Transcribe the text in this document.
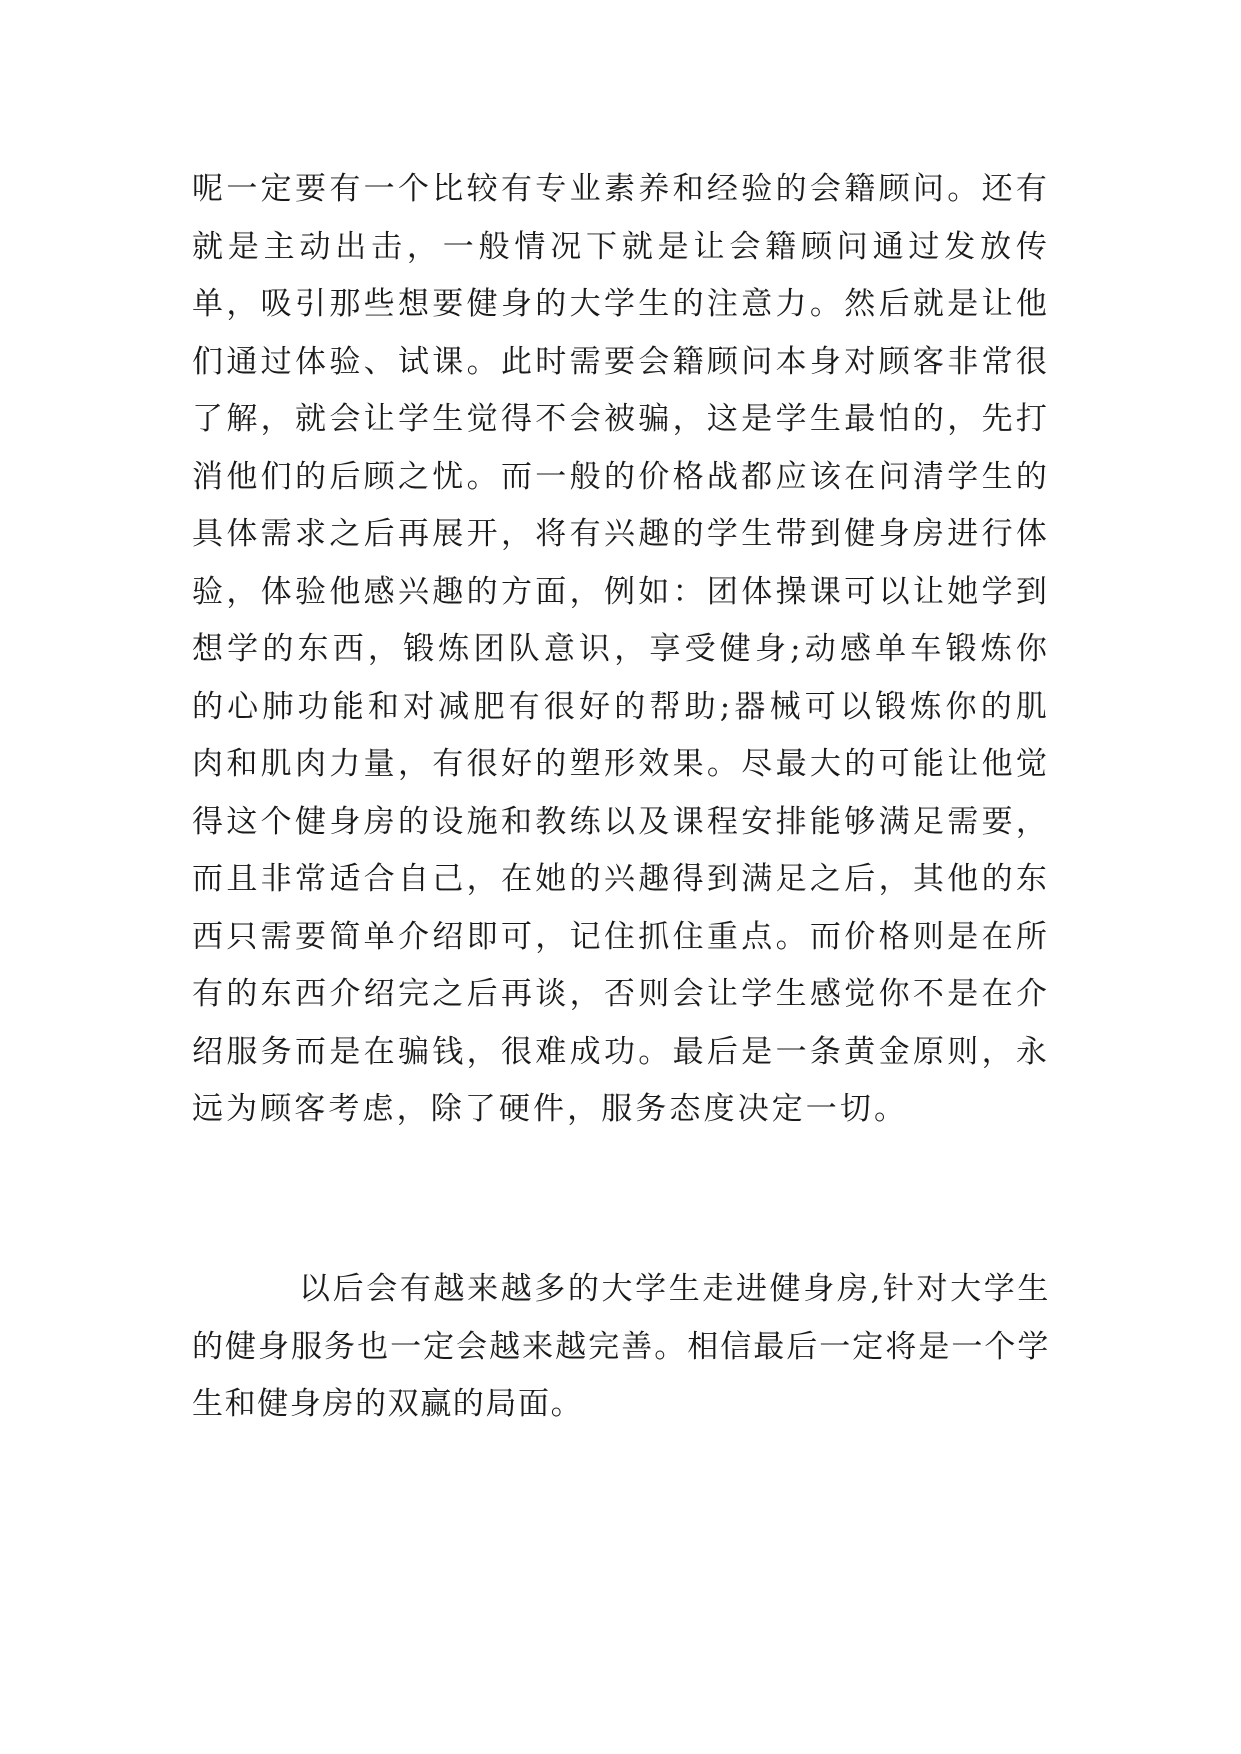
呢一定要有一个比较有专业素养和经验的会籍顾问。还有就是主动出击，一般情况下就是让会籍顾问通过发放传单，吸引那些想要健身的大学生的注意力。然后就是让他们通过体验、试课。此时需要会籍顾问本身对顾客非常很了解，就会让学生觉得不会被骗，这是学生最怕的，先打消他们的后顾之忧。而一般的价格战都应该在问清学生的具体需求之后再展开，将有兴趣的学生带到健身房进行体验，体验他感兴趣的方面，例如：团体操课可以让她学到想学的东西，锻炼团队意识，享受健身;动感单车锻炼你的心肺功能和对减肥有很好的帮助;器械可以锻炼你的肌肉和肌肉力量，有很好的塑形效果。尽最大的可能让他觉得这个健身房的设施和教练以及课程安排能够满足需要，而且非常适合自己，在她的兴趣得到满足之后，其他的东西只需要简单介绍即可，记住抓住重点。而价格则是在所有的东西介绍完之后再谈，否则会让学生感觉你不是在介绍服务而是在骗钱，很难成功。最后是一条黄金原则，永远为顾客考虑，除了硬件，服务态度决定一切。

以后会有越来越多的大学生走进健身房,针对大学生的健身服务也一定会越来越完善。相信最后一定将是一个学生和健身房的双赢的局面。
